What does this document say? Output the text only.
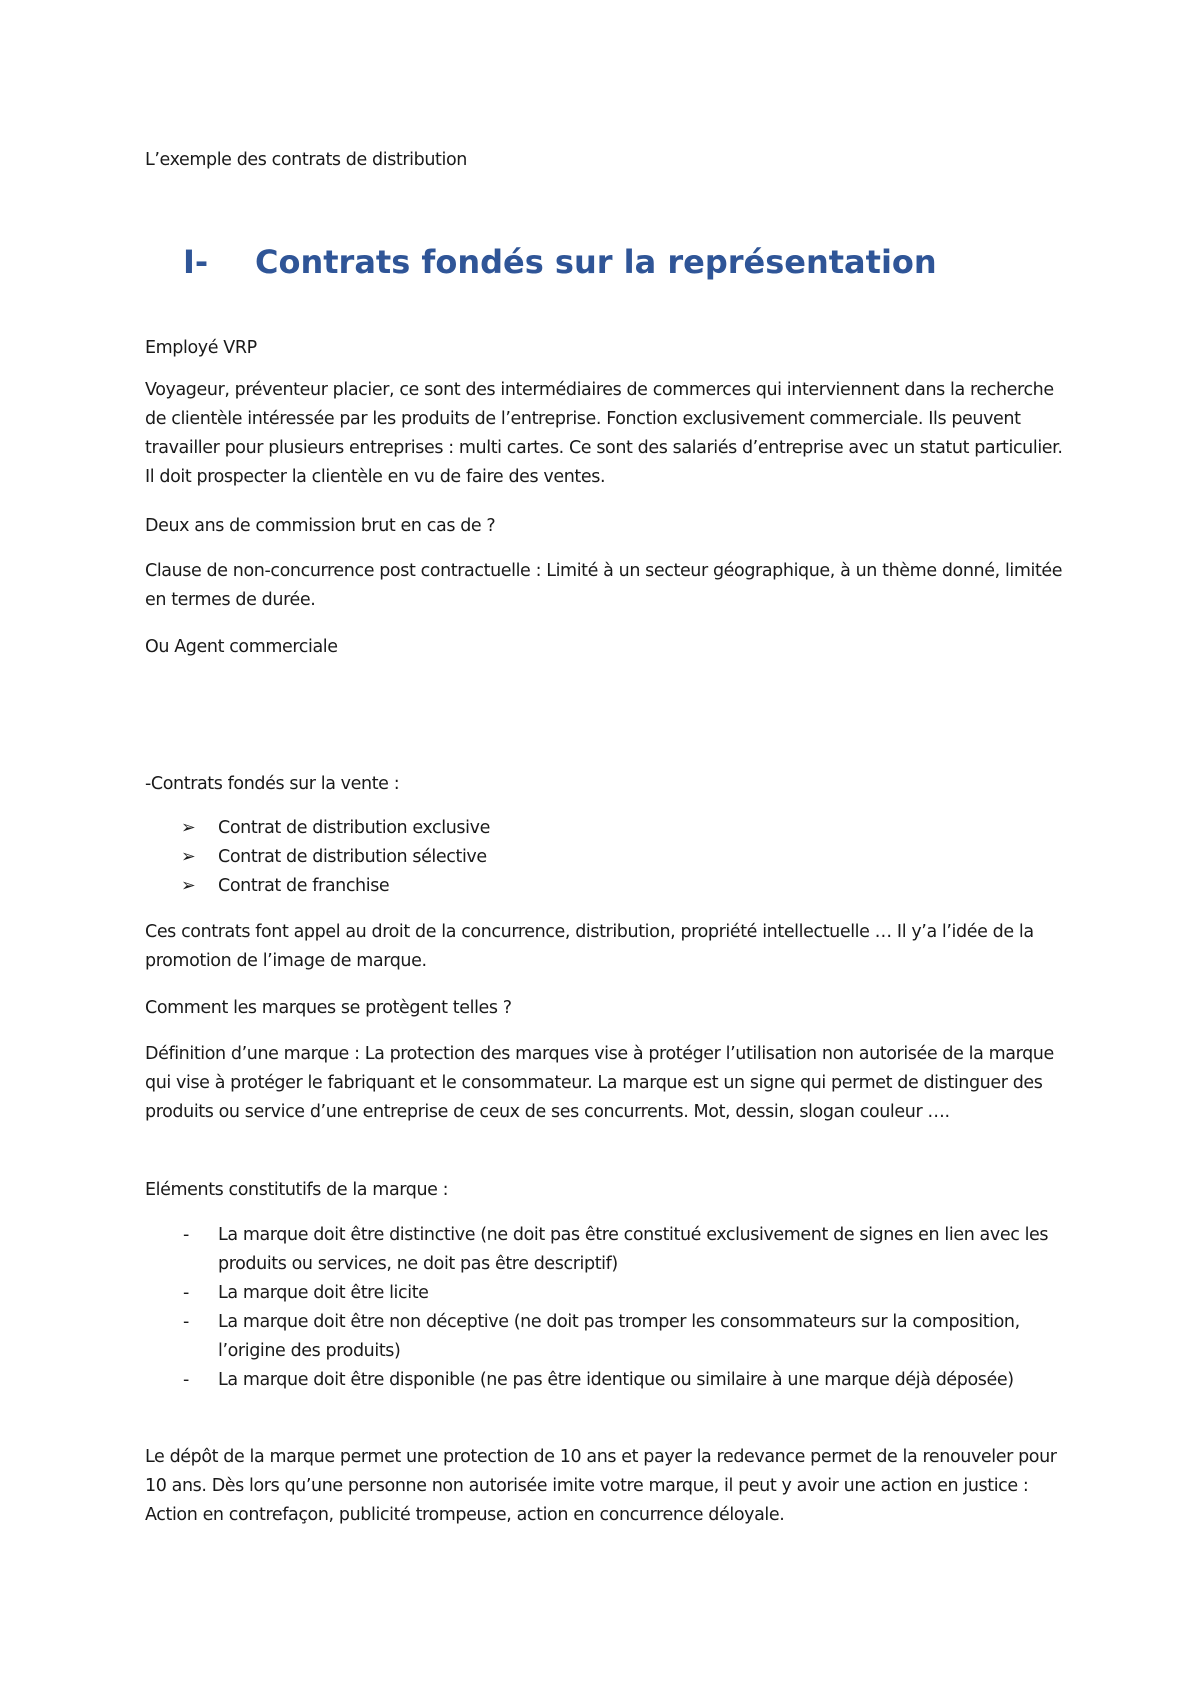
L’exemple des contrats de distribution

I- Contrats fondés sur la représentation

Employé VRP

Voyageur, préventeur placier, ce sont des intermédiaires de commerces qui interviennent dans la recherche de clientèle intéressée par les produits de l’entreprise. Fonction exclusivement commerciale. Ils peuvent travailler pour plusieurs entreprises : multi cartes. Ce sont des salariés d’entreprise avec un statut particulier. Il doit prospecter la clientèle en vu de faire des ventes.

Deux ans de commission brut en cas de ?

Clause de non-concurrence post contractuelle : Limité à un secteur géographique, à un thème donné, limitée en termes de durée.

Ou Agent commerciale

-Contrats fondés sur la vente :

➢ Contrat de distribution exclusive
➢ Contrat de distribution sélective
➢ Contrat de franchise

Ces contrats font appel au droit de la concurrence, distribution, propriété intellectuelle … Il y’a l’idée de la promotion de l’image de marque.

Comment les marques se protègent telles ?

Définition d’une marque : La protection des marques vise à protéger l’utilisation non autorisée de la marque qui vise à protéger le fabriquant et le consommateur. La marque est un signe qui permet de distinguer des produits ou service d’une entreprise de ceux de ses concurrents. Mot, dessin, slogan couleur ….

Eléments constitutifs de la marque :

- La marque doit être distinctive (ne doit pas être constitué exclusivement de signes en lien avec les produits ou services, ne doit pas être descriptif)
- La marque doit être licite
- La marque doit être non déceptive (ne doit pas tromper les consommateurs sur la composition, l’origine des produits)
- La marque doit être disponible (ne pas être identique ou similaire à une marque déjà déposée)

Le dépôt de la marque permet une protection de 10 ans et payer la redevance permet de la renouveler pour 10 ans. Dès lors qu’une personne non autorisée imite votre marque, il peut y avoir une action en justice : Action en contrefaçon, publicité trompeuse, action en concurrence déloyale.
